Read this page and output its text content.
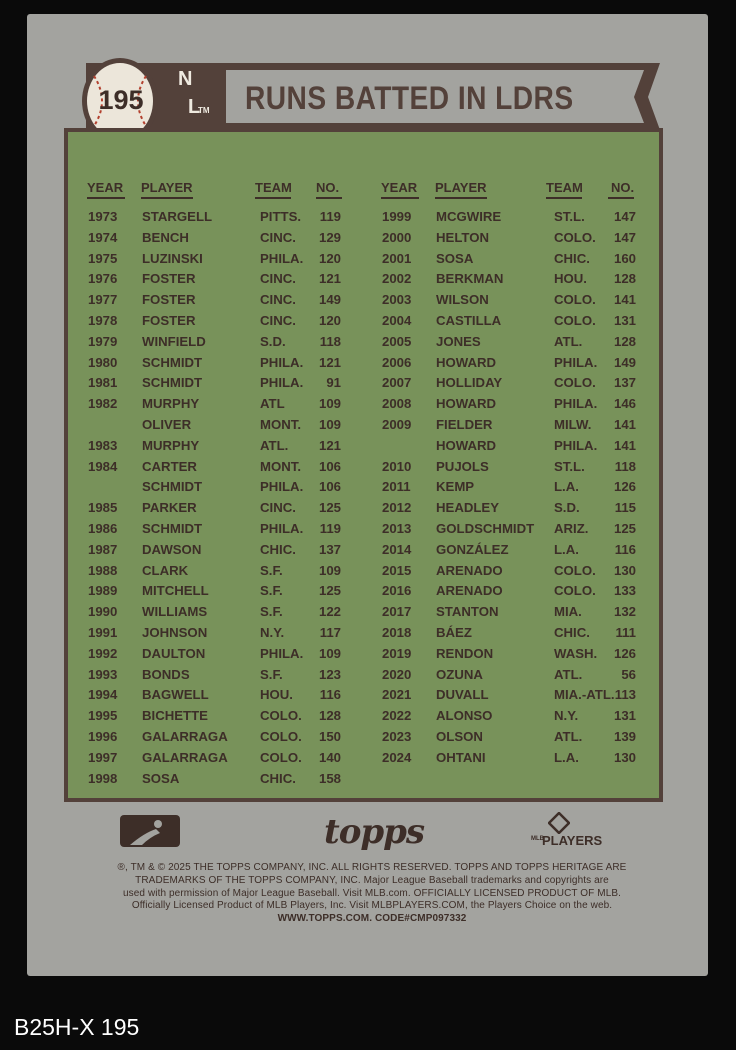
195
N
L
TM RUNS BATTED IN LDRS
YEAR PLAYER	TEAM NO.	YEAR PLAYER	TEAM NO.
1973 STARGELL	PITTS. 119
1974 BENCH	CINC. 129
1975 LUZINSKI	PHILA. 120
1976 FOSTER	CINC. 121
1977 FOSTER	CINC. 149
1978 FOSTER	CINC. 120
1979 WINFIELD	S.D.	118
1980 SCHMIDT	PHILA. 121
1981 SCHMIDT	PHILA. 91
1982 MURPHY	ATL	109
OLIVER	MONT. 109
1983 MURPHY	ATL. 121
1984 CARTER	MONT. 106
SCHMIDT	PHILA. 106
1985 PARKER	CINC. 125
1986 SCHMIDT	PHILA. 119
1987 DAWSON	CHIC. 137
1988 CLARK	S.F.	109
1989 MITCHELL	S.F.	125
1990 WILLIAMS	S.F.	122
1991 JOHNSON	N.Y.	117
1992 DAULTON	PHILA. 109
1993 BONDS	S.F.	123
1994 BAGWELL	HOU. 116
1995 BICHETTE	COLO. 128
1996 GALARRAGA COLO. 150
1997 GALARRAGA COLO. 140
1998 SOSA	CHIC. 158
1999 MCGWIRE	ST.L. 147
2000 HELTON	COLO. 147
2001 SOSA	CHIC. 160
2002 BERKMAN	HOU. 128
2003 WILSON	COLO. 141
2004 CASTILLA	COLO. 131
2005 JONES	ATL. 128
2006 HOWARD	PHILA. 149
2007 HOLLIDAY	COLO. 137
2008 HOWARD	PHILA. 146
2009 FIELDER	MILW. 141
HOWARD	PHILA. 141
2010 PUJOLS	ST.L. 118
2011 KEMP	L.A.	126
2012 HEADLEY	S.D.	115
2013 GOLDSCHMIDT ARIZ. 125
2014 GONZÁLEZ	L.A.	116
2015 ARENADO	COLO. 130
2016 ARENADO	COLO. 133
2017 STANTON	MIA. 132
2018 BÁEZ	CHIC. 111
2019 RENDON	WASH. 126
2020 OZUNA	ATL.	56
2021 DUVALL	MIA.-ATL. 113
2022 ALONSO	N.Y.	131
2023 OLSON	ATL. 139
2024 OHTANI	L.A.	130
topps	MLB
PLAYERS
®, TM & © 2025 THE TOPPS COMPANY, INC. ALL RIGHTS RESERVED. TOPPS AND TOPPS HERITAGE ARE
TRADEMARKS OF THE TOPPS COMPANY, INC. Major League Baseball trademarks and copyrights are
used with permission of Major League Baseball. Visit MLB.com. OFFICIALLY LICENSED PRODUCT OF MLB.
Officially Licensed Product of MLB Players, Inc. Visit MLBPLAYERS.COM, the Players Choice on the web.
WWW.TOPPS.COM. CODE#CMP097332
B25H-X 195
